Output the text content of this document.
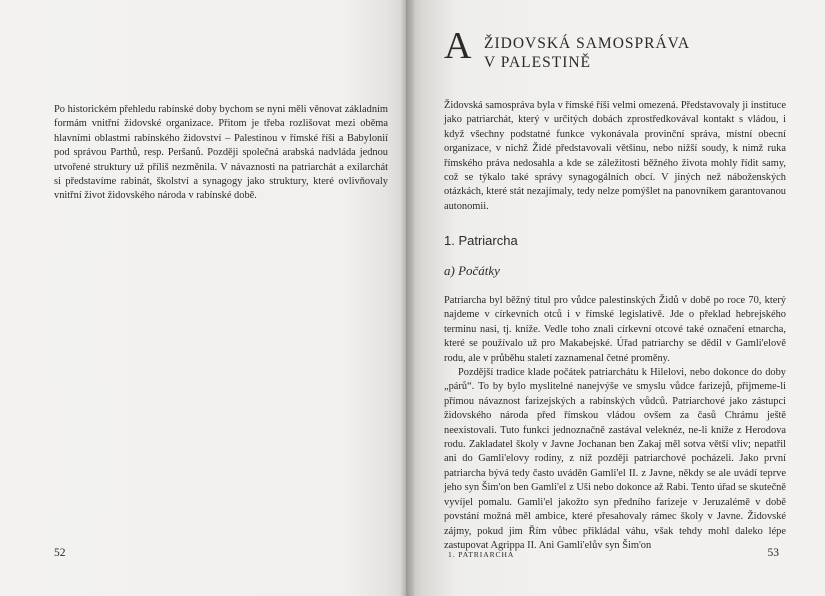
Po historickém přehledu rabínské doby bychom se nyni měli věnovat základním formám vnitřní židovské organizace. Přitom je třeba rozlišovat mezi oběma hlavními oblastmi rabínského židovství – Palestinou v římské říši a Babylonií pod správou Parthů, resp. Peršanů. Později společná arabská nadvláda jednou utvořené struktury už příliš nezměnila. V návaznosti na patriarchát a exilarchát si představíme rabinát, školství a synagogy jako struktury, které ovlivňovaly vnitřní život židovského národa v rabínské době.
52
A ŽIDOVSKÁ SAMOSPRÁVA
V PALESTINĚ

Židovská samospráva byla v římské říši velmi omezená. Představovaly ji instituce jako patriarchát, který v určitých dobách zprostředkovával kontakt s vládou, i když všechny podstatné funkce vykonávala provinční správa, místní obecní organizace, v nichž Židé představovali většinu, nebo nižší soudy, k nimž ruka římského práva nedosahla a kde se záležitosti běžného života mohly řídit samy, což se týkalo také správy synagogálních obcí. V jiných než náboženských otázkách, které stát nezajímaly, tedy nelze pomýšlet na panovníkem garantovanou autonomii.

1. Patriarcha
a) Počátky

Patriarcha byl běžný titul pro vůdce palestinských Židů v době po roce 70, který najdeme v církevních otců i v římské legislativě. Jde o překlad hebrejského terminu nasi, tj. kníže. Vedle toho znali církevní otcové také označení etnarcha, které se používalo už pro Makabejské. Úřad patriarchy se dědil v Gamli'elově rodu, ale v průběhu staletí zaznamenal četné proměny.

Pozdější tradice klade počátek patriarchátu k Hilelovi, nebo dokonce do doby „párů“. To by bylo myslitelné nanejvýše ve smyslu vůdce farizejů, přijmeme-li přímou návaznost farizejských a rabínských vůdců. Patriarchové jako zástupci židovského národa před římskou vládou ovšem za časů Chrámu ještě neexistovali. Tuto funkci jednoznačně zastával veleknéz, ne-li kníže z Herodova rodu. Zakladatel školy v Javne Jochanan ben Zakaj měl sotva větší vliv; nepatřil ani do Gamli'elovy rodiny, z níž později patriarchové pocházeli. Jako první patriarcha bývá tedy často uváděn Gamli'el II. z Javne, někdy se ale uvádí teprve jeho syn Šim'on ben Gamli'el z Uši nebo dokonce až Rabi. Tento úřad se skutečně vyvíjel pomalu. Gamli'el jakožto syn předního farizeje v Jeruzalémě v době povstání možná měl ambice, které přesahovaly rámec školy v Javne. Židovské zájmy, pokud jim Řím vůbec přikládal váhu, však tehdy mohl daleko lépe zastupovat Agrippa II. Ani Gamli'elův syn Šim'on

1. PATRIARCHA	53
